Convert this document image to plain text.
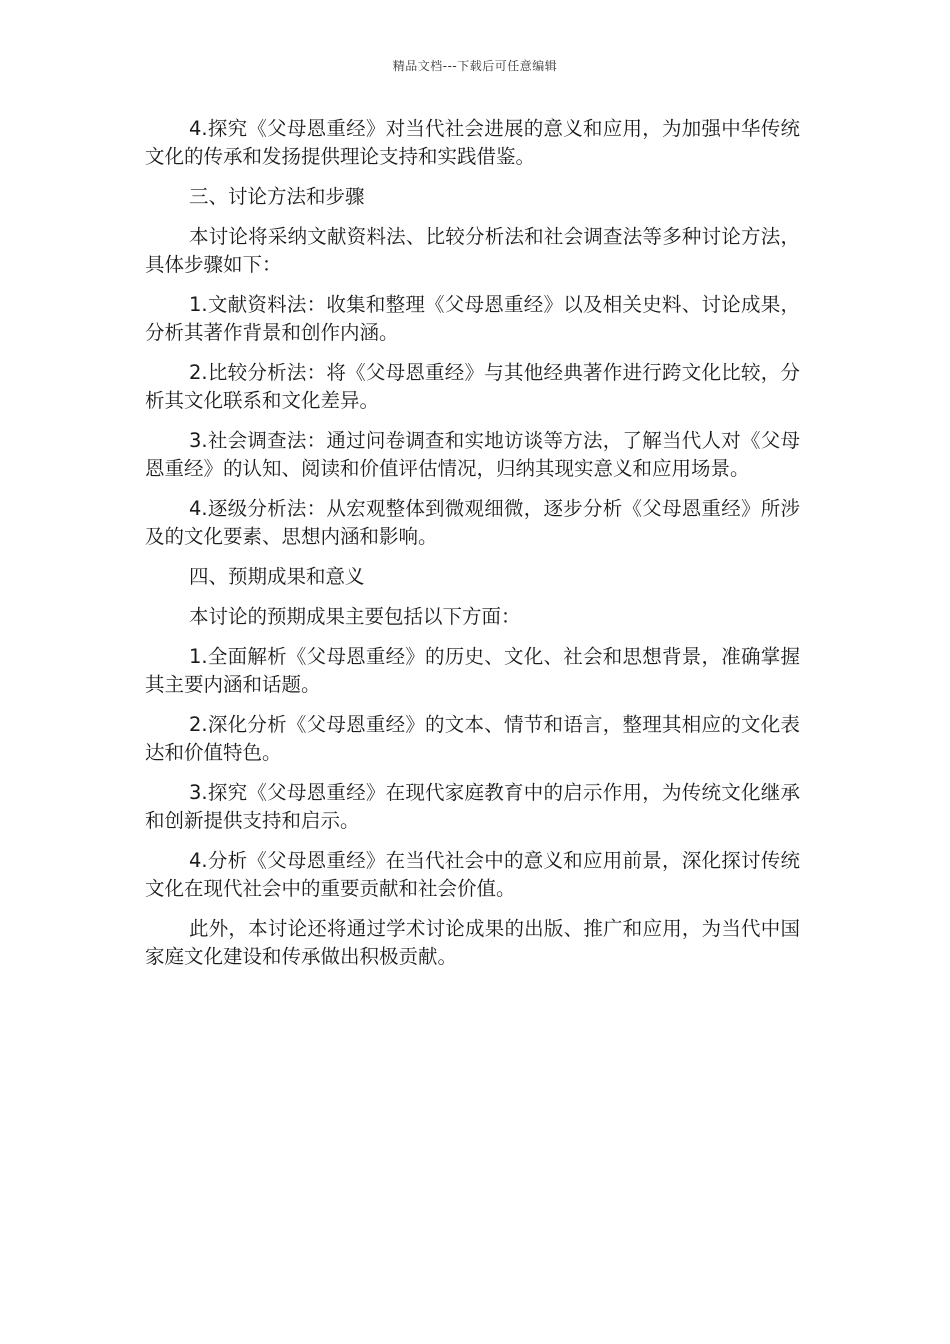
精品文档---下载后可任意编辑

4.探究《父母恩重经》对当代社会进展的意义和应用，为加强中华传统文化的传承和发扬提供理论支持和实践借鉴。

三、讨论方法和步骤

本讨论将采纳文献资料法、比较分析法和社会调查法等多种讨论方法，具体步骤如下：

1.文献资料法：收集和整理《父母恩重经》以及相关史料、讨论成果，分析其著作背景和创作内涵。

2.比较分析法：将《父母恩重经》与其他经典著作进行跨文化比较，分析其文化联系和文化差异。

3.社会调查法：通过问卷调查和实地访谈等方法，了解当代人对《父母恩重经》的认知、阅读和价值评估情况，归纳其现实意义和应用场景。

4.逐级分析法：从宏观整体到微观细微，逐步分析《父母恩重经》所涉及的文化要素、思想内涵和影响。

四、预期成果和意义

本讨论的预期成果主要包括以下方面：

1.全面解析《父母恩重经》的历史、文化、社会和思想背景，准确掌握其主要内涵和话题。

2.深化分析《父母恩重经》的文本、情节和语言，整理其相应的文化表达和价值特色。

3.探究《父母恩重经》在现代家庭教育中的启示作用，为传统文化继承和创新提供支持和启示。

4.分析《父母恩重经》在当代社会中的意义和应用前景，深化探讨传统文化在现代社会中的重要贡献和社会价值。

此外，本讨论还将通过学术讨论成果的出版、推广和应用，为当代中国家庭文化建设和传承做出积极贡献。
